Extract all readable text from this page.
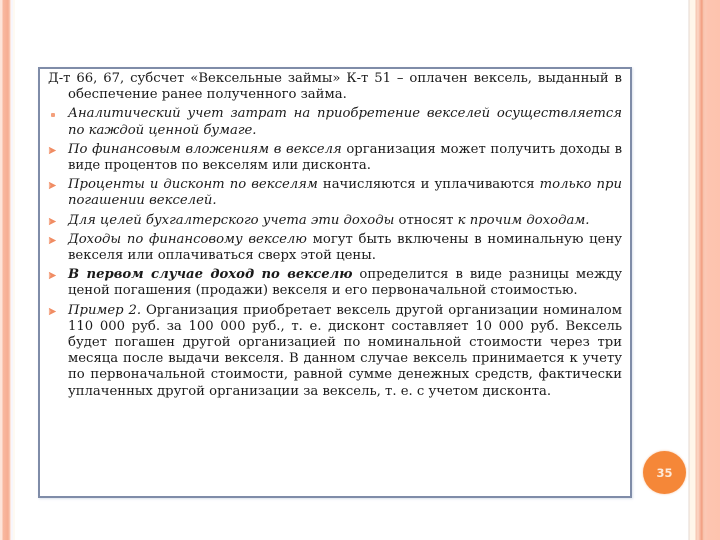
Д-т 66, 67, субсчет «Вексельные займы» К-т 51 – оплачен вексель, выданный в обеспечение ранее полученного займа.

Аналитический учет затрат на приобретение векселей осуществляется по каждой ценной бумаге.
По финансовым вложениям в векселя организация может получить доходы в виде процентов по векселям или дисконта.
Проценты и дисконт по векселям начисляются и уплачиваются только при погашении векселей.
Для целей бухгалтерского учета эти доходы относят к прочим доходам.
Доходы по финансовому векселю могут быть включены в номинальную цену векселя или оплачиваться сверх этой цены.
В первом случае доход по векселю определится в виде разницы между ценой погашения (продажи) векселя и его первоначальной стоимостью.
Пример 2. Организация приобретает вексель другой организации номиналом 110 000 руб. за 100 000 руб., т. е. дисконт составляет 10 000 руб. Вексель будет погашен другой организацией по номинальной стоимости через три месяца после выдачи векселя. В данном случае вексель принимается к учету по первоначальной стоимости, равной сумме денежных средств, фактически уплаченных другой организации за вексель, т. е. с учетом дисконта.
35
